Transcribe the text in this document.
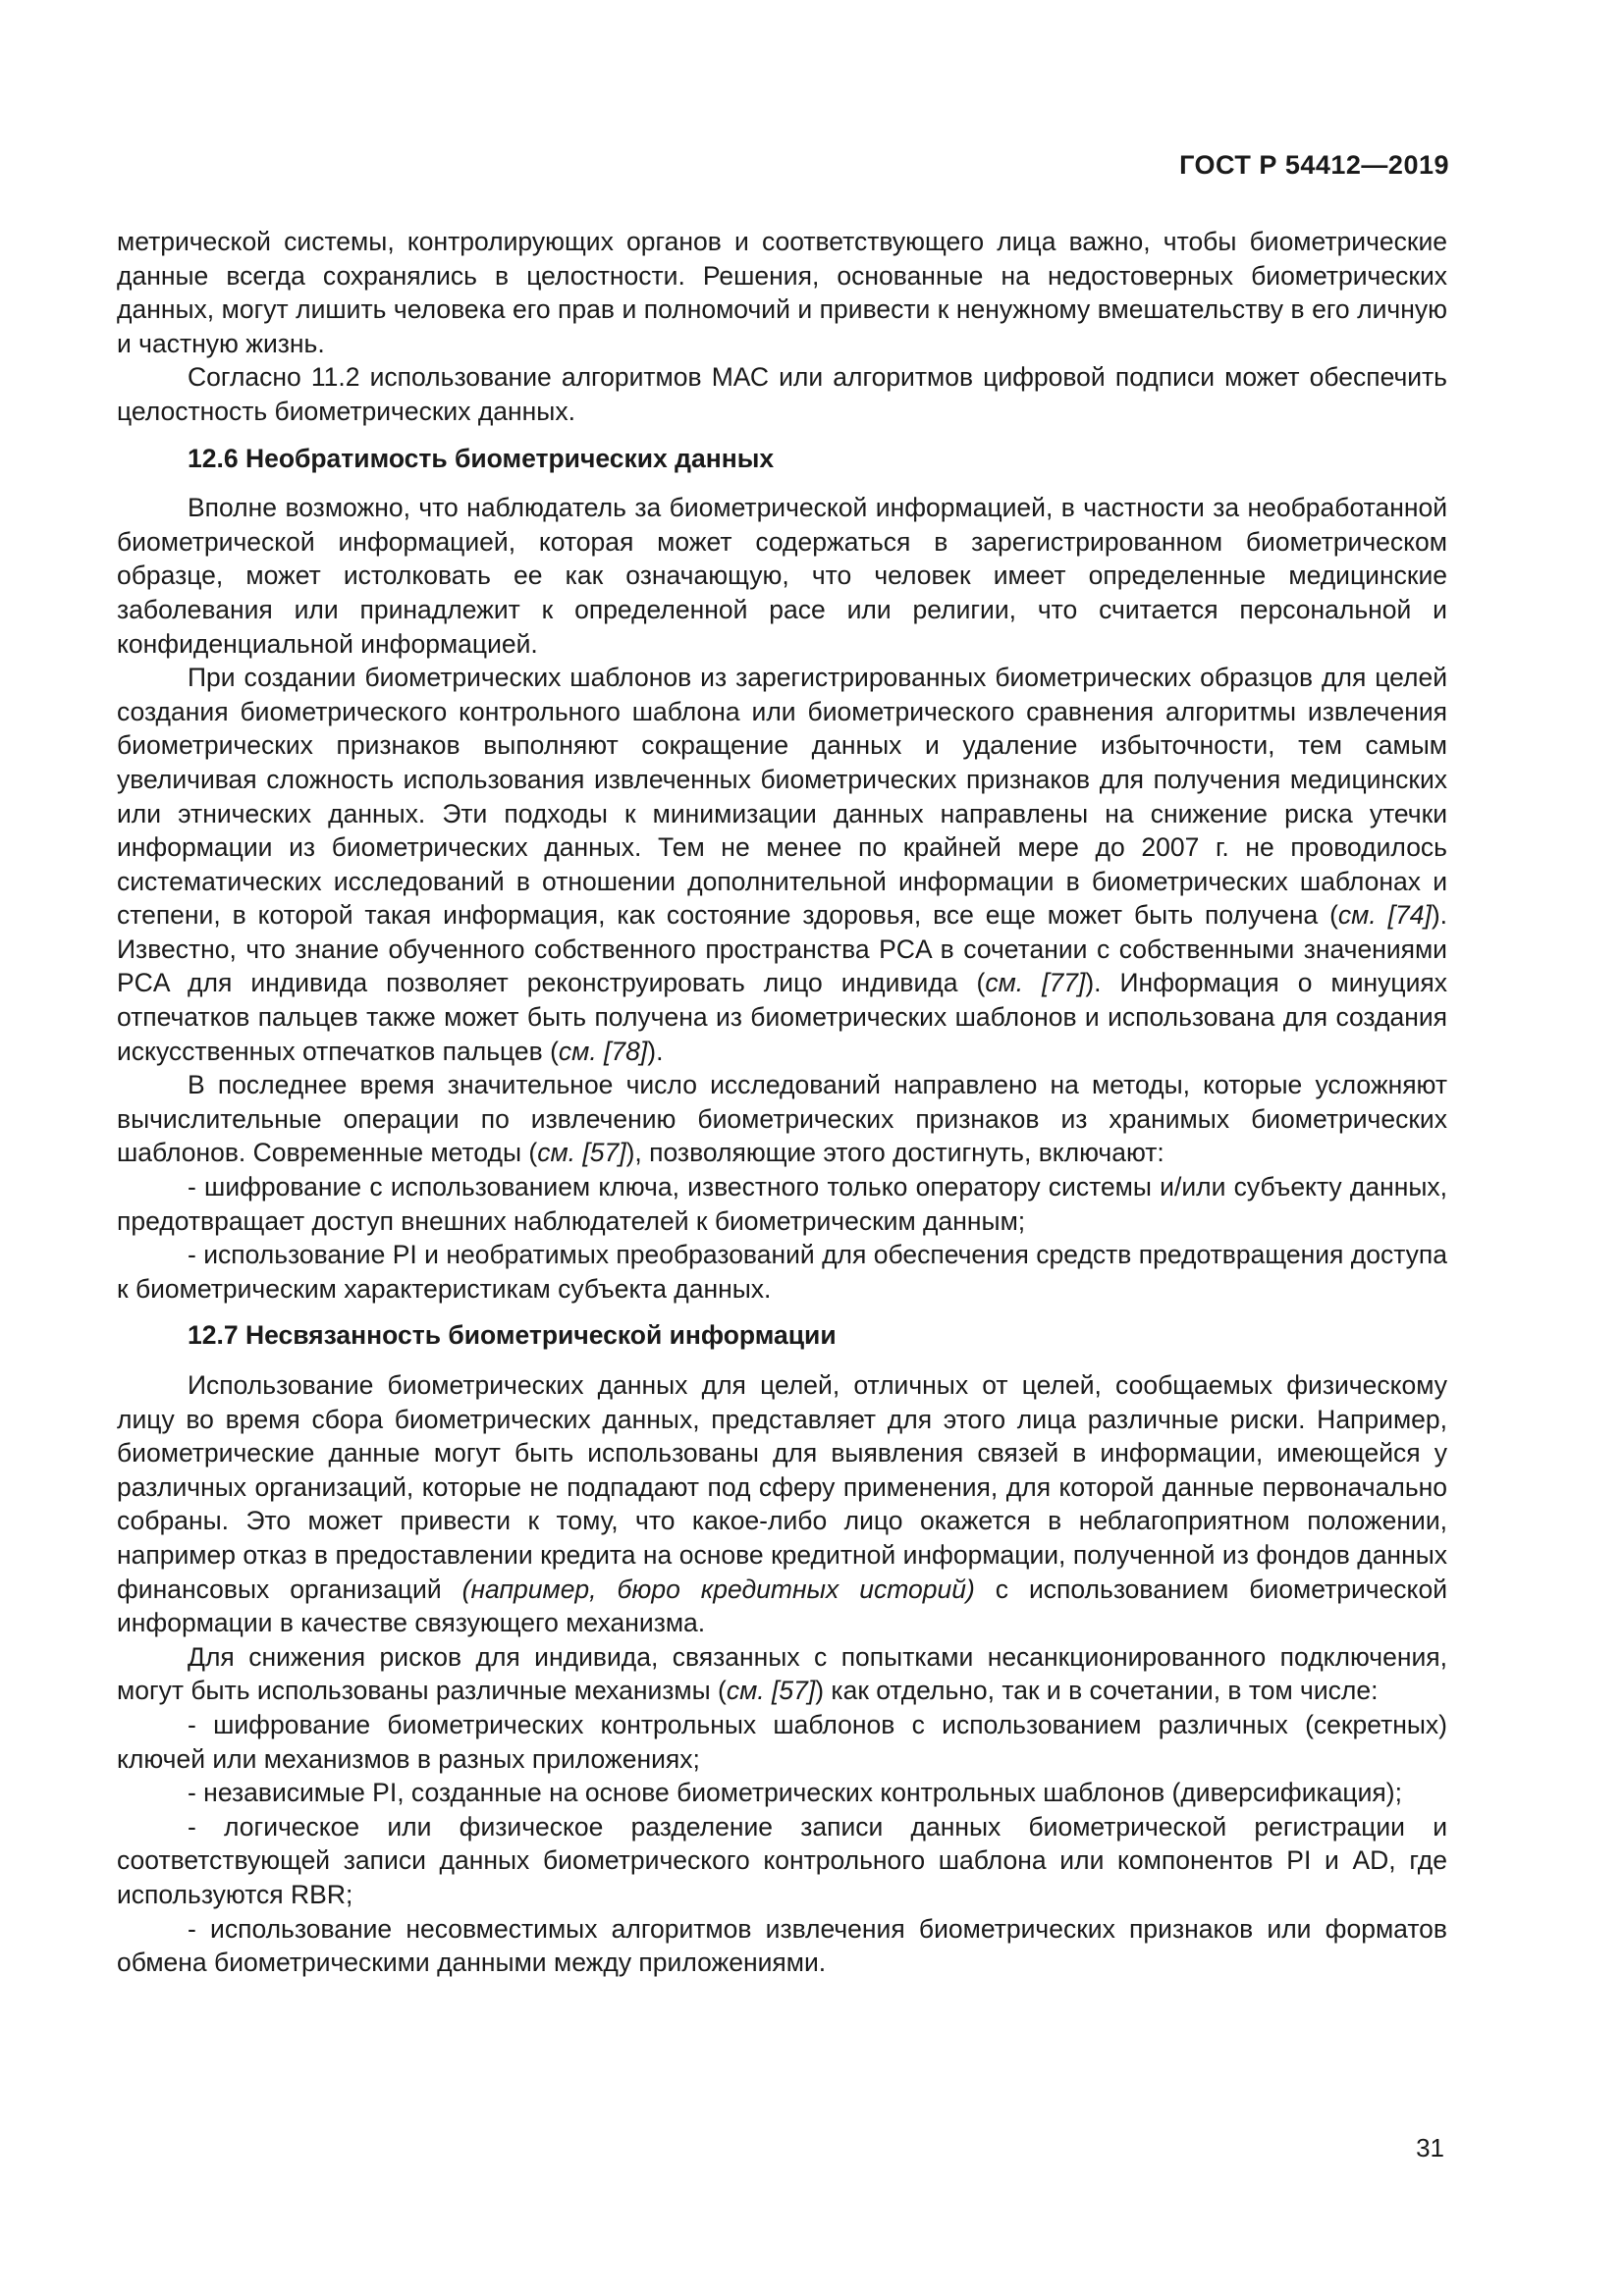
ГОСТ Р 54412—2019

метрической системы, контролирующих органов и соответствующего лица важно, чтобы биометрические данные всегда сохранялись в целостности. Решения, основанные на недостоверных биометрических данных, могут лишить человека его прав и полномочий и привести к ненужному вмешательству в его личную и частную жизнь.

Согласно 11.2 использование алгоритмов МАС или алгоритмов цифровой подписи может обеспечить целостность биометрических данных.

12.6 Необратимость биометрических данных

Вполне возможно, что наблюдатель за биометрической информацией, в частности за необработанной биометрической информацией, которая может содержаться в зарегистрированном биометрическом образце, может истолковать ее как означающую, что человек имеет определенные медицинские заболевания или принадлежит к определенной расе или религии, что считается персональной и конфиденциальной информацией.

При создании биометрических шаблонов из зарегистрированных биометрических образцов для целей создания биометрического контрольного шаблона или биометрического сравнения алгоритмы извлечения биометрических признаков выполняют сокращение данных и удаление избыточности, тем самым увеличивая сложность использования извлеченных биометрических признаков для получения медицинских или этнических данных. Эти подходы к минимизации данных направлены на снижение риска утечки информации из биометрических данных. Тем не менее по крайней мере до 2007 г. не проводилось систематических исследований в отношении дополнительной информации в биометрических шаблонах и степени, в которой такая информация, как состояние здоровья, все еще может быть получена (см. [74]). Известно, что знание обученного собственного пространства PCA в сочетании с собственными значениями PCA для индивида позволяет реконструировать лицо индивида (см. [77]). Информация о минуциях отпечатков пальцев также может быть получена из биометрических шаблонов и использована для создания искусственных отпечатков пальцев (см. [78]).

В последнее время значительное число исследований направлено на методы, которые усложняют вычислительные операции по извлечению биометрических признаков из хранимых биометрических шаблонов. Современные методы (см. [57]), позволяющие этого достигнуть, включают:

- шифрование с использованием ключа, известного только оператору системы и/или субъекту данных, предотвращает доступ внешних наблюдателей к биометрическим данным;

- использование PI и необратимых преобразований для обеспечения средств предотвращения доступа к биометрическим характеристикам субъекта данных.

12.7 Несвязанность биометрической информации

Использование биометрических данных для целей, отличных от целей, сообщаемых физическому лицу во время сбора биометрических данных, представляет для этого лица различные риски. Например, биометрические данные могут быть использованы для выявления связей в информации, имеющейся у различных организаций, которые не подпадают под сферу применения, для которой данные первоначально собраны. Это может привести к тому, что какое-либо лицо окажется в неблагоприятном положении, например отказ в предоставлении кредита на основе кредитной информации, полученной из фондов данных финансовых организаций (например, бюро кредитных историй) с использованием биометрической информации в качестве связующего механизма.

Для снижения рисков для индивида, связанных с попытками несанкционированного подключения, могут быть использованы различные механизмы (см. [57]) как отдельно, так и в сочетании, в том числе:

- шифрование биометрических контрольных шаблонов с использованием различных (секретных) ключей или механизмов в разных приложениях;

- независимые PI, созданные на основе биометрических контрольных шаблонов (диверсификация);

- логическое или физическое разделение записи данных биометрической регистрации и соответствующей записи данных биометрического контрольного шаблона или компонентов PI и AD, где используются RBR;

- использование несовместимых алгоритмов извлечения биометрических признаков или форматов обмена биометрическими данными между приложениями.

31
